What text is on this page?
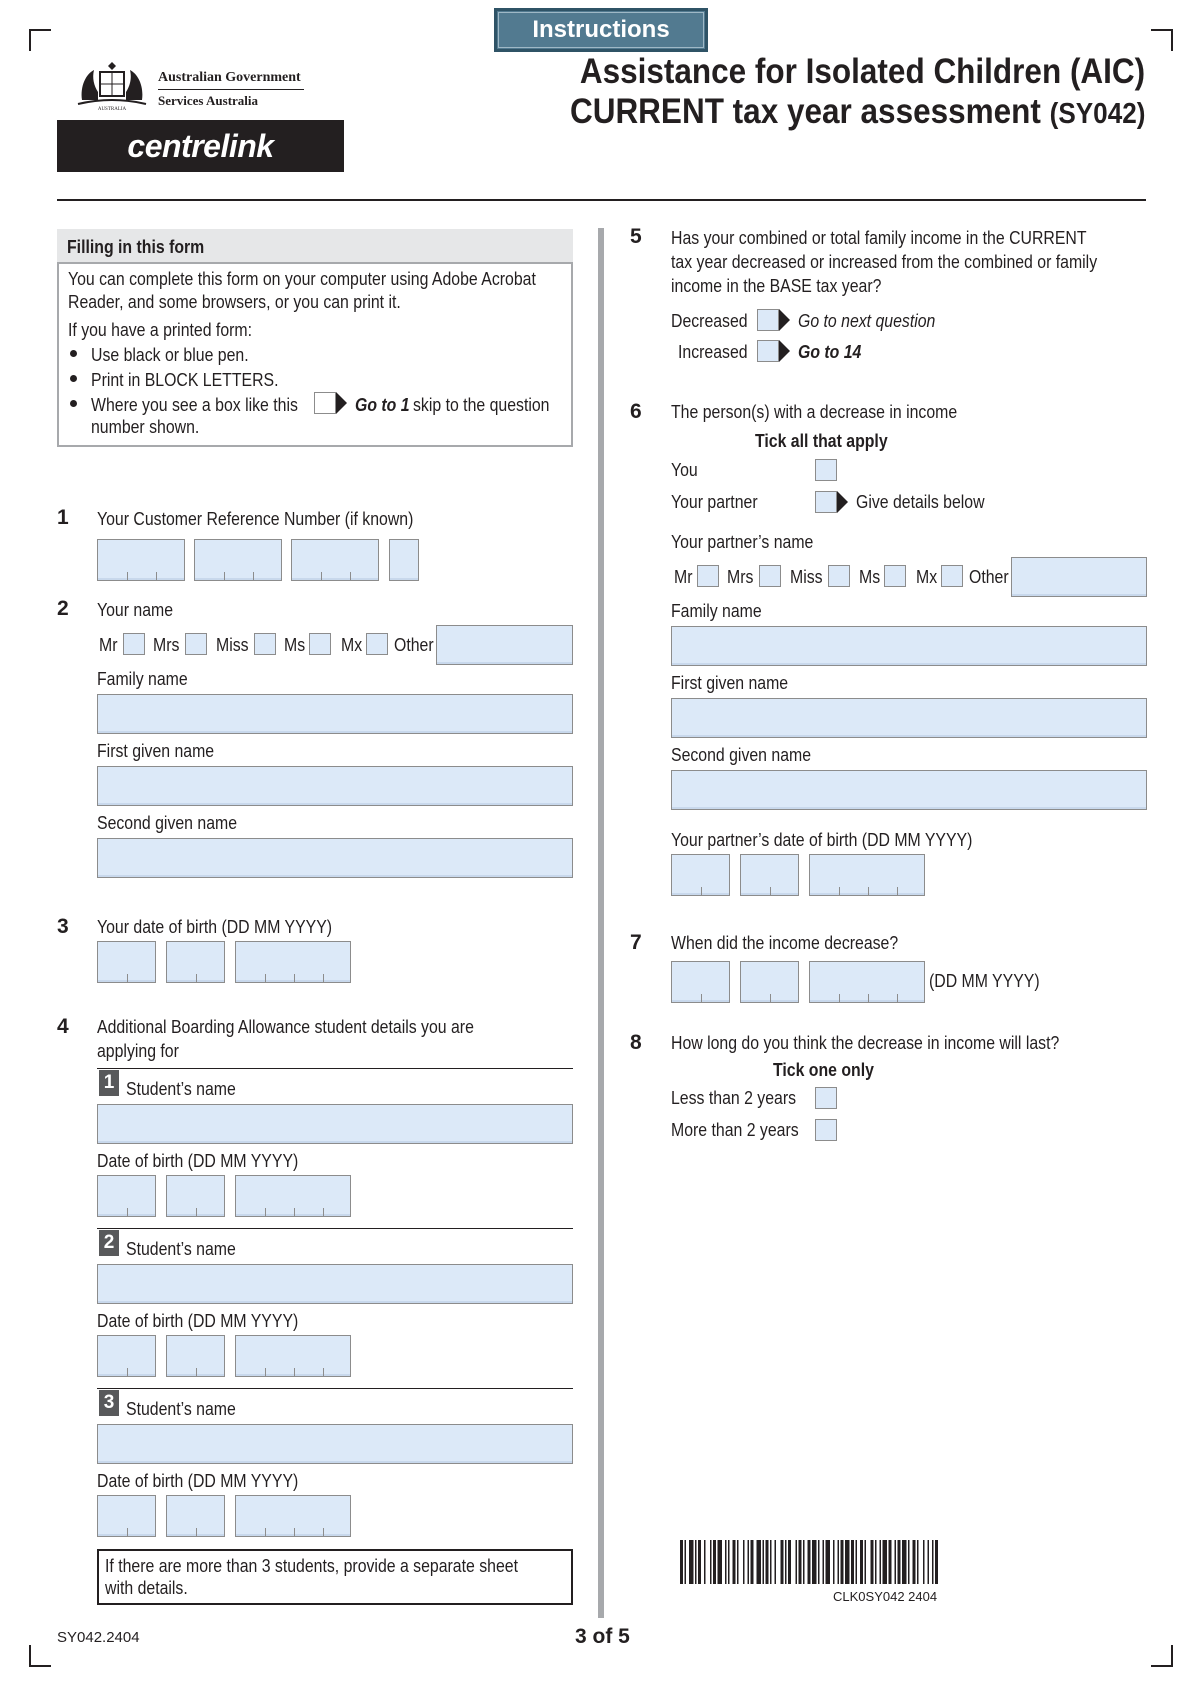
Instructions
AUSTRALIA
Australian Government
Services Australia
centrelink
Assistance for Isolated Children (AIC)
CURRENT tax year assessment (SY042)
Filling in this form
You can complete this form on your computer using Adobe Acrobat
Reader, and some browsers, or you can print it.
If you have a printed form:
Use black or blue pen.
Print in BLOCK LETTERS.
Where you see a box like this	Go to 1 skip to the question
number shown.
1 Your Customer Reference Number (if known)
2 Your name
Mr Mrs Miss Ms Mx Other
Family name
First given name
Second given name
3 Your date of birth (DD MM YYYY)
4 Additional Boarding Allowance student details you are
applying for
1 Student’s name
Date of birth (DD MM YYYY)
2 Student’s name
Date of birth (DD MM YYYY)
3 Student’s name
Date of birth (DD MM YYYY)
If there are more than 3 students, provide a separate sheet
with details.
5 Has your combined or total family income in the CURRENT
tax year decreased or increased from the combined or family
income in the BASE tax year?
Decreased	Go to next question
Increased	Go to 14
6 The person(s) with a decrease in income
Tick all that apply
You
Your partner	Give details below
Your partner’s name
Mr Mrs Miss Ms Mx Other
Family name
First given name
Second given name
Your partner’s date of birth (DD MM YYYY)
7 When did the income decrease?
(DD MM YYYY)
8 How long do you think the decrease in income will last?
Tick one only
Less than 2 years
More than 2 years
CLK0SY042 2404
SY042.2404	3 of 5
